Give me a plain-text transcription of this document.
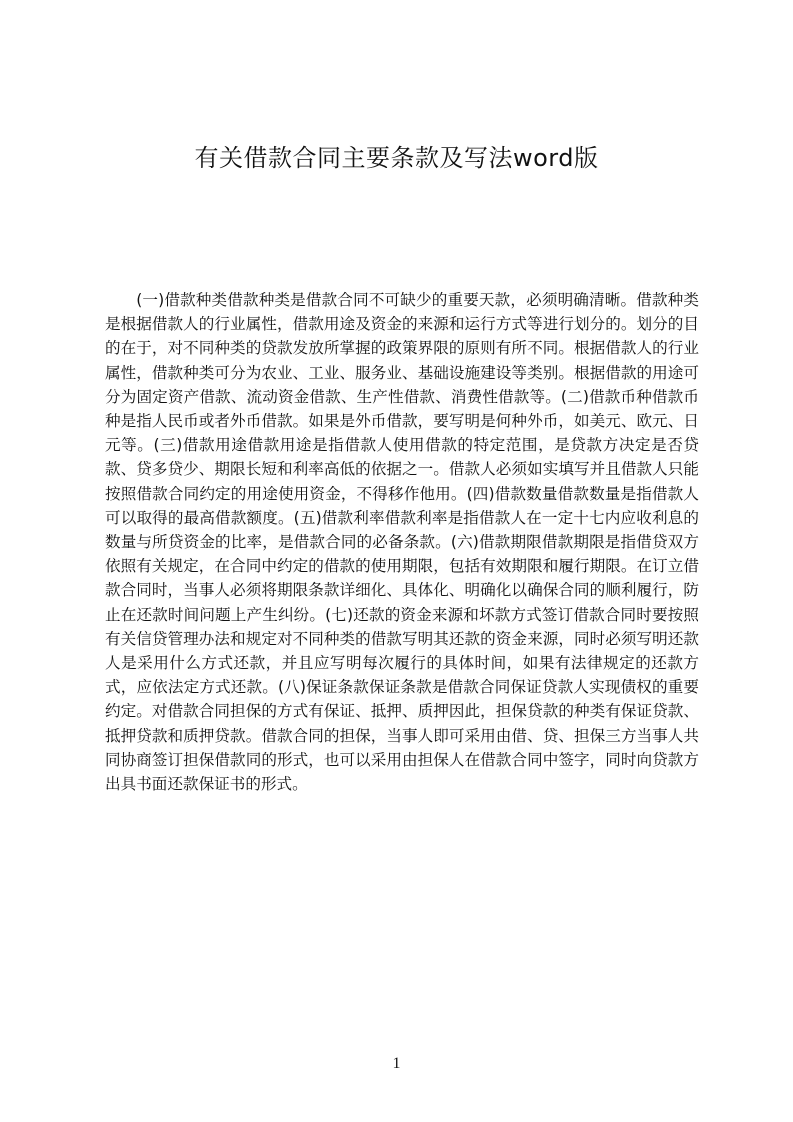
有关借款合同主要条款及写法word版

(一)借款种类借款种类是借款合同不可缺少的重要天款，必须明确清晰。借款种类是根据借款人的行业属性，借款用途及资金的来源和运行方式等进行划分的。划分的目的在于，对不同种类的贷款发放所掌握的政策界限的原则有所不同。根据借款人的行业属性，借款种类可分为农业、工业、服务业、基础设施建设等类别。根据借款的用途可分为固定资产借款、流动资金借款、生产性借款、消费性借款等。(二)借款币种借款币种是指人民币或者外币借款。如果是外币借款，要写明是何种外币，如美元、欧元、日元等。(三)借款用途借款用途是指借款人使用借款的特定范围，是贷款方决定是否贷款、贷多贷少、期限长短和利率高低的依据之一。借款人必须如实填写并且借款人只能按照借款合同约定的用途使用资金，不得移作他用。(四)借款数量借款数量是指借款人可以取得的最高借款额度。(五)借款利率借款利率是指借款人在一定十七内应收利息的数量与所贷资金的比率，是借款合同的必备条款。(六)借款期限借款期限是指借贷双方依照有关规定，在合同中约定的借款的使用期限，包括有效期限和履行期限。在订立借款合同时，当事人必须将期限条款详细化、具体化、明确化以确保合同的顺利履行，防止在还款时间问题上产生纠纷。(七)还款的资金来源和坏款方式签订借款合同时要按照有关信贷管理办法和规定对不同种类的借款写明其还款的资金来源，同时必须写明还款人是采用什么方式还款，并且应写明每次履行的具体时间，如果有法律规定的还款方式，应依法定方式还款。(八)保证条款保证条款是借款合同保证贷款人实现债权的重要约定。对借款合同担保的方式有保证、抵押、质押因此，担保贷款的种类有保证贷款、抵押贷款和质押贷款。借款合同的担保，当事人即可采用由借、贷、担保三方当事人共同协商签订担保借款同的形式，也可以采用由担保人在借款合同中签字，同时向贷款方出具书面还款保证书的形式。

1
